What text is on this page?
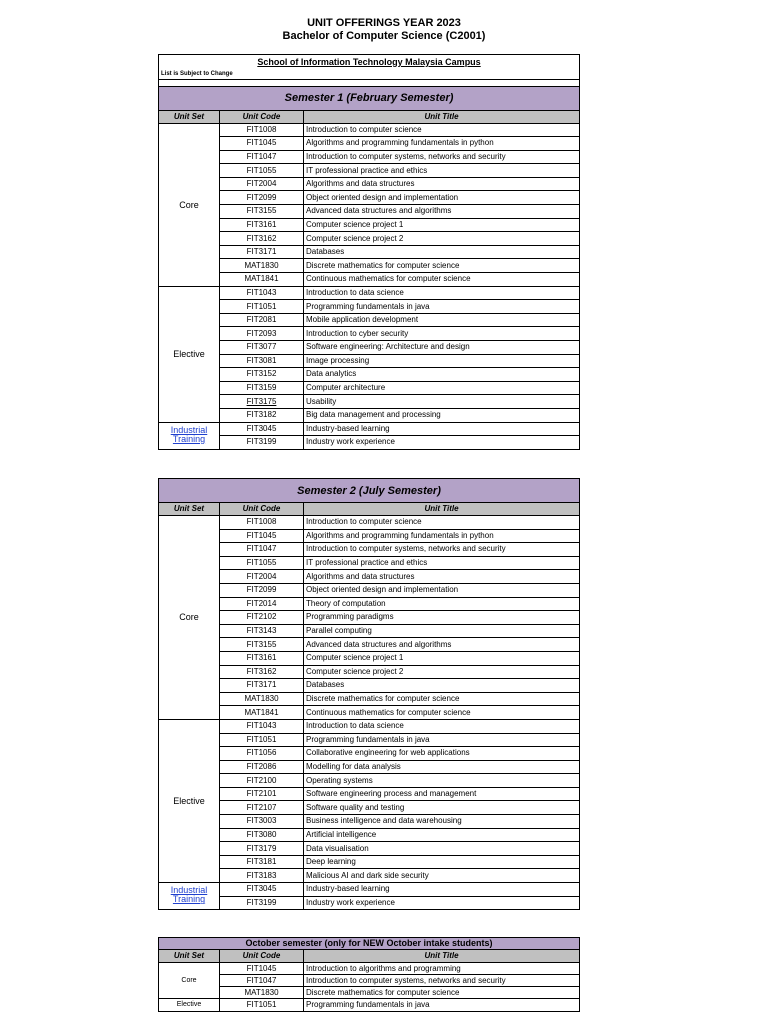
UNIT OFFERINGS YEAR 2023
Bachelor of Computer Science (C2001)
School of Information Technology Malaysia Campus		
List is Subject to Change		

Semester 1 (February Semester)		
Unit Set	Unit Code	Unit Title
Core	FIT1008	Introduction to computer science
	FIT1045	Algorithms and programming fundamentals in python
	FIT1047	Introduction to computer systems, networks and security
	FIT1055	IT professional practice and ethics
	FIT2004	Algorithms and data structures
	FIT2099	Object oriented design and implementation
	FIT3155	Advanced data structures and algorithms
	FIT3161	Computer science project 1
	FIT3162	Computer science project 2
	FIT3171	Databases
	MAT1830	Discrete mathematics for computer science
	MAT1841	Continuous mathematics for computer science
Elective	FIT1043	Introduction to data science
	FIT1051	Programming fundamentals in java
	FIT2081	Mobile application development
	FIT2093	Introduction to cyber security
	FIT3077	Software engineering: Architecture and design
	FIT3081	Image processing
	FIT3152	Data analytics
	FIT3159	Computer architecture
	FIT3175	Usability
	FIT3182	Big data management and processing
Industrial Training	FIT3045	Industry-based learning
	FIT3199	Industry work experience
Semester 2 (July Semester)		
Unit Set	Unit Code	Unit Title
Core	FIT1008	Introduction to computer science
	FIT1045	Algorithms and programming fundamentals in python
	FIT1047	Introduction to computer systems, networks and security
	FIT1055	IT professional practice and ethics
	FIT2004	Algorithms and data structures
	FIT2099	Object oriented design and implementation
	FIT2014	Theory of computation
	FIT2102	Programming paradigms
	FIT3143	Parallel computing
	FIT3155	Advanced data structures and algorithms
	FIT3161	Computer science project 1
	FIT3162	Computer science project 2
	FIT3171	Databases
	MAT1830	Discrete mathematics for computer science
	MAT1841	Continuous mathematics for computer science
Elective	FIT1043	Introduction to data science
	FIT1051	Programming fundamentals in java
	FIT1056	Collaborative engineering for web applications
	FIT2086	Modelling for data analysis
	FIT2100	Operating systems
	FIT2101	Software engineering process and management
	FIT2107	Software quality and testing
	FIT3003	Business intelligence and data warehousing
	FIT3080	Artificial intelligence
	FIT3179	Data visualisation
	FIT3181	Deep learning
	FIT3183	Malicious AI and dark side security
Industrial Training	FIT3045	Industry-based learning
	FIT3199	Industry work experience
October semester (only for NEW October intake students)		
Unit Set	Unit Code	Unit Title
Core	FIT1045	Introduction to algorithms and programming
	FIT1047	Introduction to computer systems, networks and security
	MAT1830	Discrete mathematics for computer science
Elective	FIT1051	Programming fundamentals in java
